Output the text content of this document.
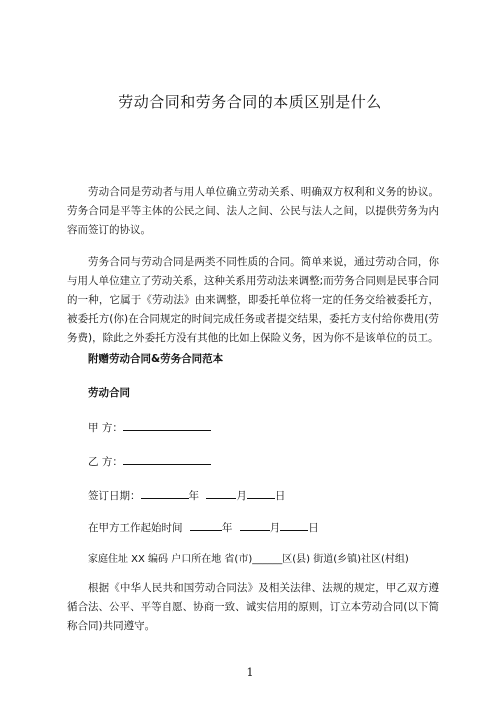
劳动合同和劳务合同的本质区别是什么

劳动合同是劳动者与用人单位确立劳动关系、明确双方权利和义务的协议。劳务合同是平等主体的公民之间、法人之间、公民与法人之间，以提供劳务为内容而签订的协议。

劳务合同与劳动合同是两类不同性质的合同。简单来说，通过劳动合同，你与用人单位建立了劳动关系，这种关系用劳动法来调整;而劳务合同则是民事合同的一种，它属于《劳动法》由来调整，即委托单位将一定的任务交给被委托方，被委托方(你)在合同规定的时间完成任务或者提交结果，委托方支付给你费用(劳务费)，除此之外委托方没有其他的比如上保险义务，因为你不是该单位的员工。

附赠劳动合同&劳务合同范本
劳动合同
甲 方：
乙 方：
签订日期：	年	月	日
在甲方工作起始时间	年	月	日
家庭住址 XX 编码 户口所在地 省(市)______区(县) 街道(乡镇)社区(村组)

根据《中华人民共和国劳动合同法》及相关法律、法规的规定，甲乙双方遵循合法、公平、平等自愿、协商一致、诚实信用的原则，订立本劳动合同(以下简称合同)共同遵守。

1
